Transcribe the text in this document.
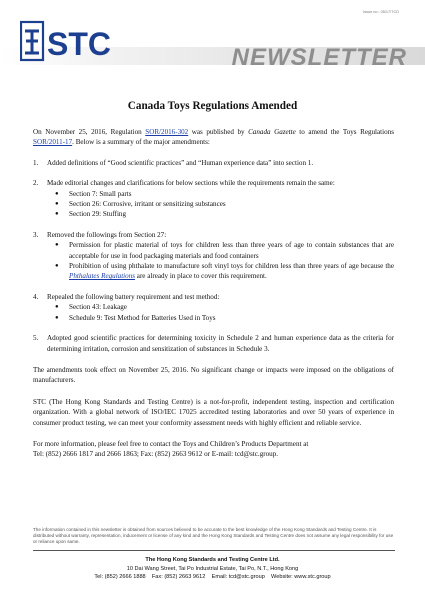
Issue no.: 05/17/TCD
STC	NEWSLETTER
Canada Toys Regulations Amended

On November 25, 2016, Regulation SOR/2016-302 was published by Canada Gazette to amend the Toys Regulations SOR/2011-17. Below is a summary of the major amendments:

1.	Added definitions of “Good scientific practices” and “Human experience data” into section 1.
2.	Made editorial changes and clarifications for below sections while the requirements remain the same:
●	Section 7: Small parts
●	Section 26: Corrosive, irritant or sensitizing substances
●	Section 29: Stuffing
3.	Removed the followings from Section 27:
●	Permission for plastic material of toys for children less than three years of age to contain substances that are acceptable for use in food packaging materials and food containers
●	Prohibition of using phthalate to manufacture soft vinyl toys for children less than three years of age because the Phthalates Regulations are already in place to cover this requirement.
4.	Repealed the following battery requirement and test method:
●	Section 43: Leakage
●	Schedule 9: Test Method for Batteries Used in Toys
5.	Adopted good scientific practices for determining toxicity in Schedule 2 and human experience data as the criteria for determining irritation, corrosion and sensitization of substances in Schedule 3.

The amendments took effect on November 25, 2016. No significant change or impacts were imposed on the obligations of manufacturers.

STC (The Hong Kong Standards and Testing Centre) is a not-for-profit, independent testing, inspection and certification organization. With a global network of ISO/IEC 17025 accredited testing laboratories and over 50 years of experience in consumer product testing, we can meet your conformity assessment needs with highly efficient and reliable service.

For more information, please feel free to contact the Toys and Children’s Products Department at

Tel: (852) 2666 1817 and 2666 1863; Fax: (852) 2663 9612 or E-mail: tcd@stc.group.

The information contained in this newsletter is obtained from sources believed to be accurate to the best knowledge of the Hong Kong Standards and Testing Centre. It is distributed without warranty, representation, inducement or license of any kind and the Hong Kong Standards and Testing Centre does not assume any legal responsibility for use or reliance upon same.
The Hong Kong Standards and Testing Centre Ltd.
10 Dai Wang Street, Tai Po Industrial Estate, Tai Po, N.T., Hong Kong
Tel: (852) 2666 1888    Fax: (852) 2663 9612    Email: tcd@stc.group    Website: www.stc.group
